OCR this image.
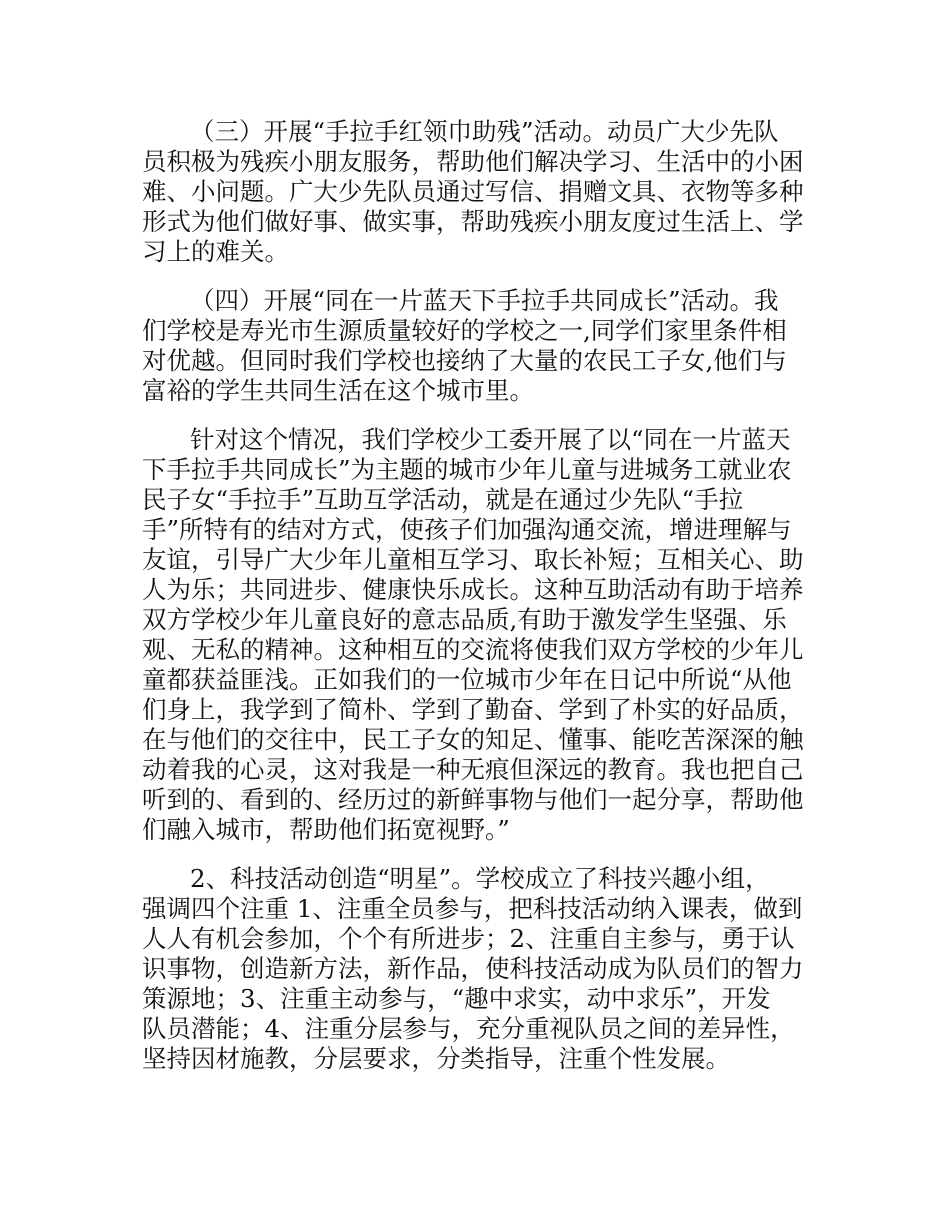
（三）开展“手拉手红领巾助残”活动。动员广大少先队
员积极为残疾小朋友服务，帮助他们解决学习、生活中的小困
难、小问题。广大少先队员通过写信、捐赠文具、衣物等多种
形式为他们做好事、做实事，帮助残疾小朋友度过生活上、学
习上的难关。
（四）开展“同在一片蓝天下手拉手共同成长”活动。我
们学校是寿光市生源质量较好的学校之一,同学们家里条件相
对优越。但同时我们学校也接纳了大量的农民工子女,他们与
富裕的学生共同生活在这个城市里。
针对这个情况，我们学校少工委开展了以“同在一片蓝天
下手拉手共同成长”为主题的城市少年儿童与进城务工就业农
民子女“手拉手”互助互学活动，就是在通过少先队“手拉
手”所特有的结对方式，使孩子们加强沟通交流，增进理解与
友谊，引导广大少年儿童相互学习、取长补短；互相关心、助
人为乐；共同进步、健康快乐成长。这种互助活动有助于培养
双方学校少年儿童良好的意志品质,有助于激发学生坚强、乐
观、无私的精神。这种相互的交流将使我们双方学校的少年儿
童都获益匪浅。正如我们的一位城市少年在日记中所说“从他
们身上，我学到了简朴、学到了勤奋、学到了朴实的好品质，
在与他们的交往中，民工子女的知足、懂事、能吃苦深深的触
动着我的心灵，这对我是一种无痕但深远的教育。我也把自己
听到的、看到的、经历过的新鲜事物与他们一起分享，帮助他
们融入城市，帮助他们拓宽视野。”
2、科技活动创造“明星”。学校成立了科技兴趣小组，
强调四个注重 1、注重全员参与，把科技活动纳入课表，做到
人人有机会参加，个个有所进步；2、注重自主参与，勇于认
识事物，创造新方法，新作品，使科技活动成为队员们的智力
策源地；3、注重主动参与，“趣中求实，动中求乐”，开发
队员潜能；4、注重分层参与，充分重视队员之间的差异性，
坚持因材施教，分层要求，分类指导，注重个性发展。
